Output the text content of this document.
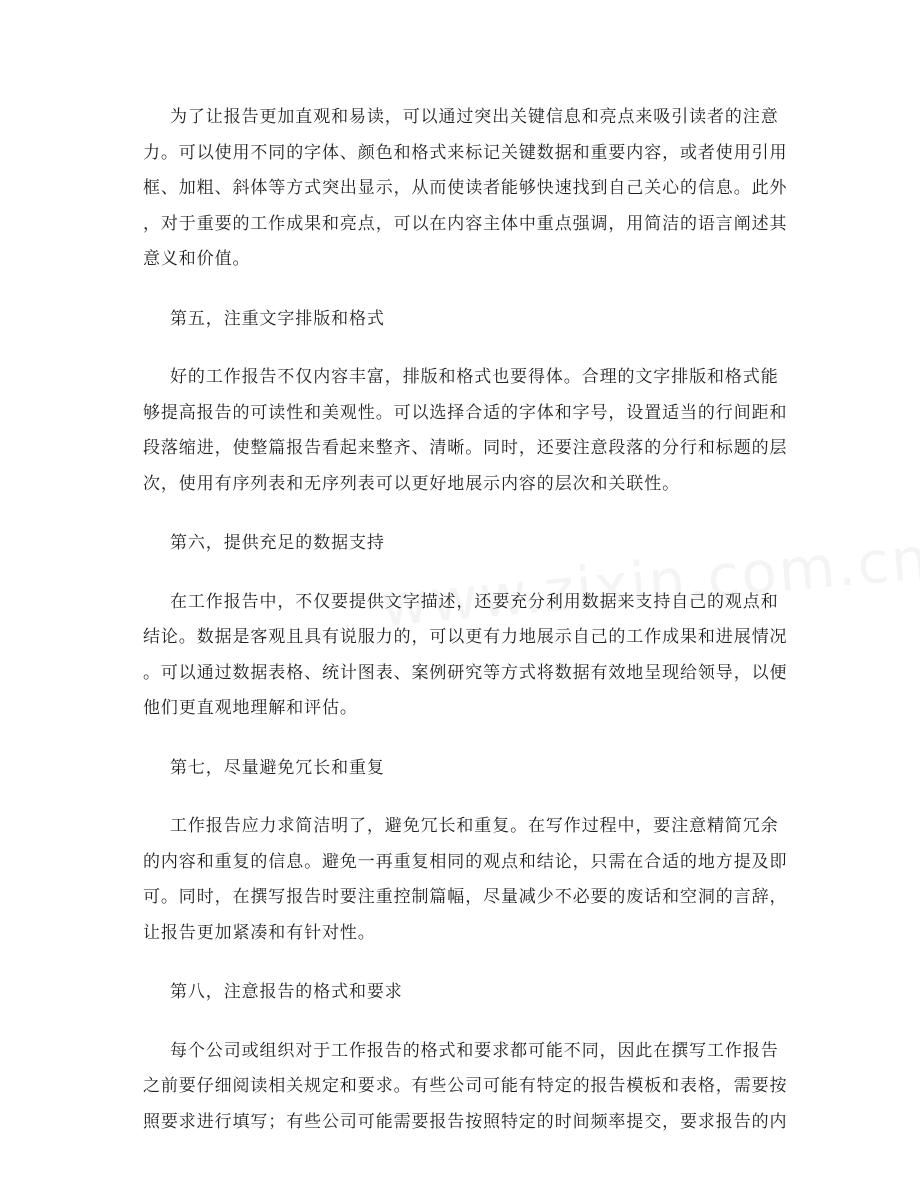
为了让报告更加直观和易读，可以通过突出关键信息和亮点来吸引读者的注意
力。可以使用不同的字体、颜色和格式来标记关键数据和重要内容，或者使用引用
框、加粗、斜体等方式突出显示，从而使读者能够快速找到自己关心的信息。此外
，对于重要的工作成果和亮点，可以在内容主体中重点强调，用简洁的语言阐述其
意义和价值。

第五，注重文字排版和格式

好的工作报告不仅内容丰富，排版和格式也要得体。合理的文字排版和格式能
够提高报告的可读性和美观性。可以选择合适的字体和字号，设置适当的行间距和
段落缩进，使整篇报告看起来整齐、清晰。同时，还要注意段落的分行和标题的层
次，使用有序列表和无序列表可以更好地展示内容的层次和关联性。

第六，提供充足的数据支持

在工作报告中，不仅要提供文字描述，还要充分利用数据来支持自己的观点和
结论。数据是客观且具有说服力的，可以更有力地展示自己的工作成果和进展情况
。可以通过数据表格、统计图表、案例研究等方式将数据有效地呈现给领导，以便
他们更直观地理解和评估。

第七，尽量避免冗长和重复

工作报告应力求简洁明了，避免冗长和重复。在写作过程中，要注意精简冗余
的内容和重复的信息。避免一再重复相同的观点和结论，只需在合适的地方提及即
可。同时，在撰写报告时要注重控制篇幅，尽量减少不必要的废话和空洞的言辞，
让报告更加紧凑和有针对性。

第八，注意报告的格式和要求

每个公司或组织对于工作报告的格式和要求都可能不同，因此在撰写工作报告
之前要仔细阅读相关规定和要求。有些公司可能有特定的报告模板和表格，需要按
照要求进行填写；有些公司可能需要报告按照特定的时间频率提交，要求报告的内
